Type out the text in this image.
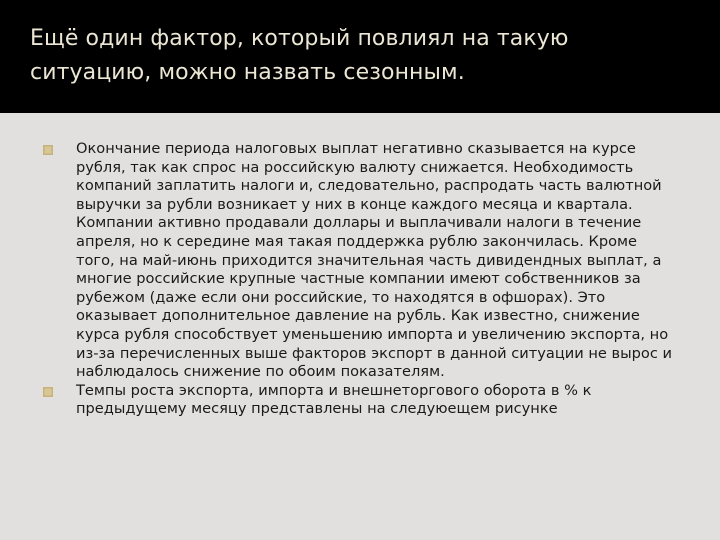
Ещё один фактор, который повлиял на такую ситуацию, можно назвать сезонным.
Окончание периода налоговых выплат негативно сказывается на курсе рубля, так как спрос на российскую валюту снижается. Необходимость компаний заплатить налоги и, следовательно, распродать часть валютной выручки за рубли возникает у них в конце каждого месяца и квартала. Компании активно продавали доллары и выплачивали налоги в течение апреля, но к середине мая такая поддержка рублю закончилась. Кроме того, на май-июнь приходится значительная часть дивидендных выплат, а многие российские крупные частные компании имеют собственников за рубежом (даже если они российские, то находятся в офшорах). Это оказывает дополнительное давление на рубль. Как известно, снижение курса рубля способствует уменьшению импорта и увеличению экспорта, но из-за перечисленных выше факторов экспорт в данной ситуации не вырос и наблюдалось снижение по обоим показателям.
Темпы роста экспорта, импорта и внешнеторгового оборота в % к предыдущему месяцу представлены на следуюещем рисунке
